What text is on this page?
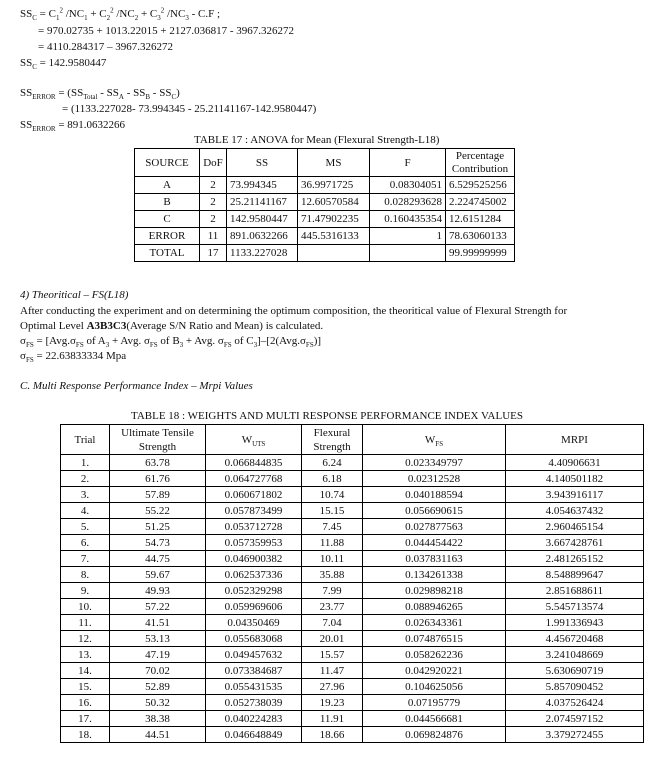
$SS_C = C_1^2$ $/NC_1 + C_2^2$ $/NC_2 + C_3^2$ $/NC_3 - C.F$ ;
= 970.02735 + 1013.22015 + 2127.036817 - 3967.326272
= 4110.284317 – 3967.326272
$SS_C = 142.9580447$
$SS_{ERROR} = (SS_{Total} - SS_A - SS_B - SS_C)$
= (1133.227028- 73.994345 - 25.21141167-142.9580447)
$SS_{ERROR} = 891.0632266$
TABLE 17 : ANOVA for Mean (Flexural Strength-L18)
SOURCE	DoF	SS	MS	F	Percentage
Contribution
A	2	73.994345	36.9971725	0.08304051	6.529525256
B	2	25.21141167	12.60570584	0.028293628	2.224745002
C	2	142.9580447	71.47902235	0.160435354	12.6151284
ERROR	11	891.0632266	445.5316133	1	78.63060133
TOTAL	17	1133.227028			99.99999999
4) Theoritical – FS(L18)
After conducting the experiment and on determining the optimum composition, the theoritical value of Flexural Strength for
Optimal Level A3B3C3(Average S/N Ratio and Mean) is calculated.
$\sigma_{FS} = [Avg.\sigma_{FS}$ of $A_3$ + Avg. $\sigma_{FS}$ of $B_3$ + Avg. $\sigma_{FS}$ of $C_3]-[2(Avg.\sigma_{FS})]$
$\sigma_{FS} = 22.63833334$ Mpa
C. Multi Response Performance Index – Mrpi Values
TABLE 18 : WEIGHTS AND MULTI RESPONSE PERFORMANCE INDEX VALUES
Trial	Ultimate Tensile
Strength	$W_{UTS}$	Flexural
Strength	$W_{FS}$	MRPI
1.	63.78	0.066844835	6.24	0.023349797	4.40906631
2.	61.76	0.064727768	6.18	0.02312528	4.140501182
3.	57.89	0.060671802	10.74	0.040188594	3.943916117
4.	55.22	0.057873499	15.15	0.056690615	4.054637432
5.	51.25	0.053712728	7.45	0.027877563	2.960465154
6.	54.73	0.057359953	11.88	0.044454422	3.667428761
7.	44.75	0.046900382	10.11	0.037831163	2.481265152
8.	59.67	0.062537336	35.88	0.134261338	8.548899647
9.	49.93	0.052329298	7.99	0.029898218	2.851688611
10.	57.22	0.059969606	23.77	0.088946265	5.545713574
11.	41.51	0.04350469	7.04	0.026343361	1.991336943
12.	53.13	0.055683068	20.01	0.074876515	4.456720468
13.	47.19	0.049457632	15.57	0.058262236	3.241048669
14.	70.02	0.073384687	11.47	0.042920221	5.630690719
15.	52.89	0.055431535	27.96	0.104625056	5.857090452
16.	50.32	0.052738039	19.23	0.07195779	4.037526424
17.	38.38	0.040224283	11.91	0.044566681	2.074597152
18.	44.51	0.046648849	18.66	0.069824876	3.379272455
